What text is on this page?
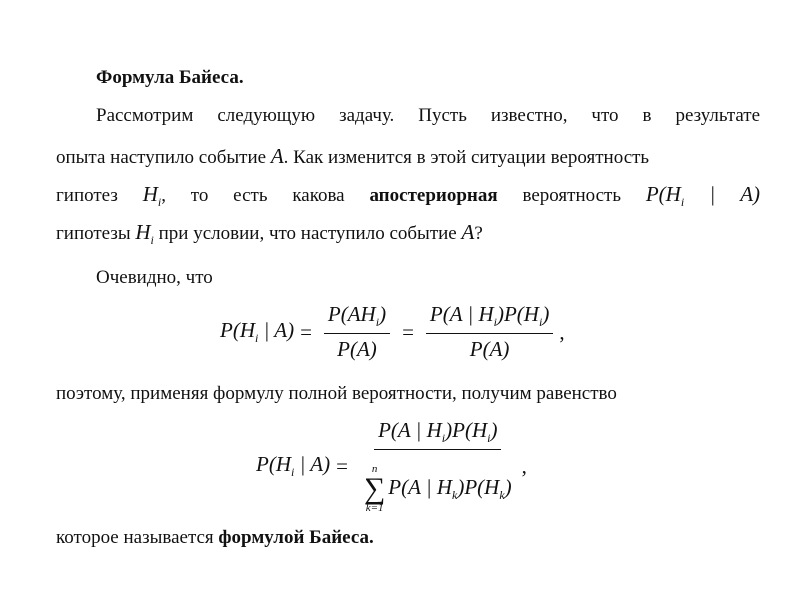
Формула Байеса.
Рассмотрим следующую задачу. Пусть известно, что в результате
опыта наступило событие A. Как изменится в этой ситуации вероятность
гипотез $H_i$, то есть какова апостериорная вероятность $P(H_i$ | A)
гипотезы $H_i$ при условии, что наступило событие A?
Очевидно, что
$P(H_i$ | $A) = \frac{P(AH_i)}{P(A)} = \frac{P(A | H_i)P(H_i)}{P(A)}$ ,
поэтому, применяя формулу полной вероятности, получим равенство
$P(H_i$ | A) =
P(A | $H_i)P(H_i)$
n
∑
k=1
P(A | $H_k)P(H_k)$
,
которое называется формулой Байеса.
